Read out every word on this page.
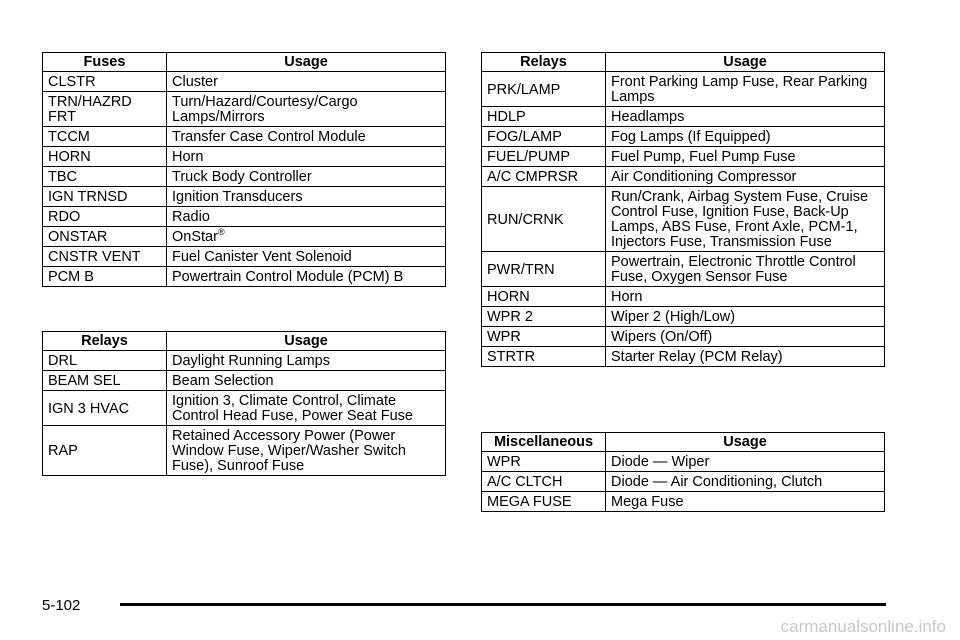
Fuses	Usage
CLSTR	Cluster
TRN/HAZRD FRT	Turn/Hazard/Courtesy/Cargo Lamps/Mirrors
TCCM	Transfer Case Control Module
HORN	Horn
TBC	Truck Body Controller
IGN TRNSD	Ignition Transducers
RDO	Radio
ONSTAR	OnStar®
CNSTR VENT	Fuel Canister Vent Solenoid
PCM B	Powertrain Control Module (PCM) B
Relays	Usage
DRL	Daylight Running Lamps
BEAM SEL	Beam Selection
IGN 3 HVAC	Ignition 3, Climate Control, Climate Control Head Fuse, Power Seat Fuse
RAP	Retained Accessory Power (Power Window Fuse, Wiper/Washer Switch Fuse), Sunroof Fuse
Relays	Usage
PRK/LAMP	Front Parking Lamp Fuse, Rear Parking Lamps
HDLP	Headlamps
FOG/LAMP	Fog Lamps (If Equipped)
FUEL/PUMP	Fuel Pump, Fuel Pump Fuse
A/C CMPRSR	Air Conditioning Compressor
RUN/CRNK	Run/Crank, Airbag System Fuse, Cruise Control Fuse, Ignition Fuse, Back-Up Lamps, ABS Fuse, Front Axle, PCM-1, Injectors Fuse, Transmission Fuse
PWR/TRN	Powertrain, Electronic Throttle Control Fuse, Oxygen Sensor Fuse
HORN	Horn
WPR 2	Wiper 2 (High/Low)
WPR	Wipers (On/Off)
STRTR	Starter Relay (PCM Relay)
Miscellaneous	Usage
WPR	Diode — Wiper
A/C CLTCH	Diode — Air Conditioning, Clutch
MEGA FUSE	Mega Fuse
5-102
carmanualsonline.info
